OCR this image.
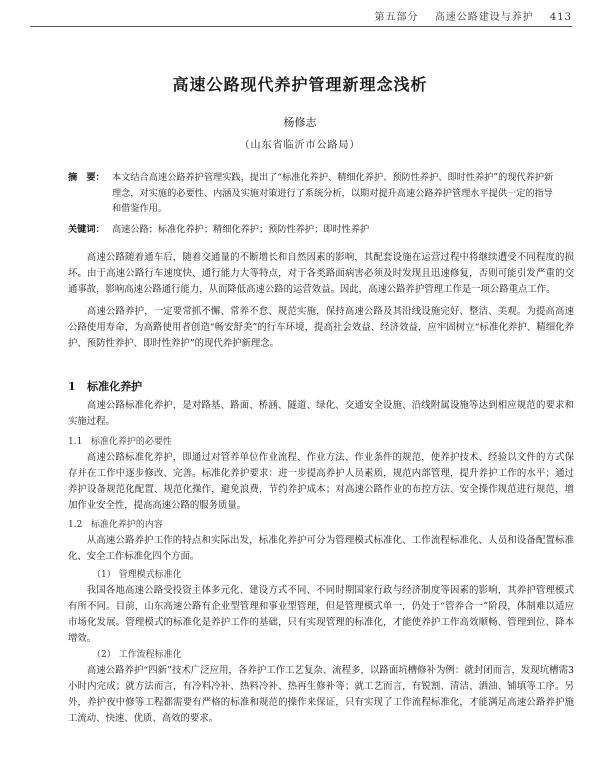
第五部分 高速公路建设与养护 413
高速公路现代养护管理新理念浅析
杨修志
（山东省临沂市公路局）
摘　要： 本文结合高速公路养护管理实践，提出了“标准化养护、精细化养护、预防性养护、即时性养护”的现代养护新理念，对实施的必要性、内涵及实施对策进行了系统分析，以期对提升高速公路养护管理水平提供一定的指导和借鉴作用。
关键词： 高速公路；标准化养护；精细化养护；预防性养护；即时性养护

高速公路随着通车后，随着交通量的不断增长和自然因素的影响，其配套设施在运营过程中将继续遭受不同程度的损坏。由于高速公路行车速度快、通行能力大等特点，对于各类路面病害必须及时发现且迅速修复，否则可能引发严重的交通事故，影响高速公路通行能力，从而降低高速公路的运营效益。因此，高速公路养护管理工作是一项公路重点工作。

高速公路养护，一定要常抓不懈、常养不怠、规范实施，保持高速公路及其沿线设施完好、整洁、美观。为提高高速公路使用寿命，为高路使用者创造“畅安舒美”的行车环境，提高社会效益、经济效益，应牢固树立“标准化养护、精细化养护、预防性养护、即时性养护”的现代养护新理念。

1 标准化养护

高速公路标准化养护，是对路基、路面、桥涵、隧道、绿化、交通安全设施、沿线附属设施等达到相应规范的要求和实施过程。

1.1 标准化养护的必要性

高速公路标准化养护，即通过对管养单位作业流程、作业方法、作业条件的规范，使养护技术、经验以文件的方式保存并在工作中逐步修改、完善。标准化养护要求：进一步提高养护人员素质，规范内部管理，提升养护工作的水平；通过养护设备规范化配置、规范化操作，避免浪费，节约养护成本；对高速公路作业的布控方法、安全操作规范进行规范，增加作业安全性，提高高速公路的服务质量。

1.2 标准化养护的内容

从高速公路养护工作的特点和实际出发，标准化养护可分为管理模式标准化、工作流程标准化、人员和设备配置标准化、安全工作标准化四个方面。

（1） 管理模式标准化

我国各地高速公路受投资主体多元化、建设方式不同、不同时期国家行政与经济制度等因素的影响，其养护管理模式有所不同。目前，山东高速公路有企业型管理和事业型管理，但是管理模式单一，仍处于“管养合一”阶段，体制难以适应市场化发展。管理模式的标准化是养护工作的基础，只有实现管理的标准化，才能使养护工作高效顺畅、管理到位、降本增效。

（2） 工作流程标准化

高速公路养护“四新”技术广泛应用，各养护工作工艺复杂、流程多，以路面坑槽修补为例：就封闭而言，发现坑槽需3小时内完成；就方法而言，有冷料冷补、热料冷补、热再生修补等；就工艺而言，有锐割、清洁、洒油、铺填等工序。另外，养护夜中修等工程都需要有严格的标准和规范的操作来保证，只有实现了工作流程标准化，才能满足高速公路养护施工流动、快速、优质、高效的要求。
